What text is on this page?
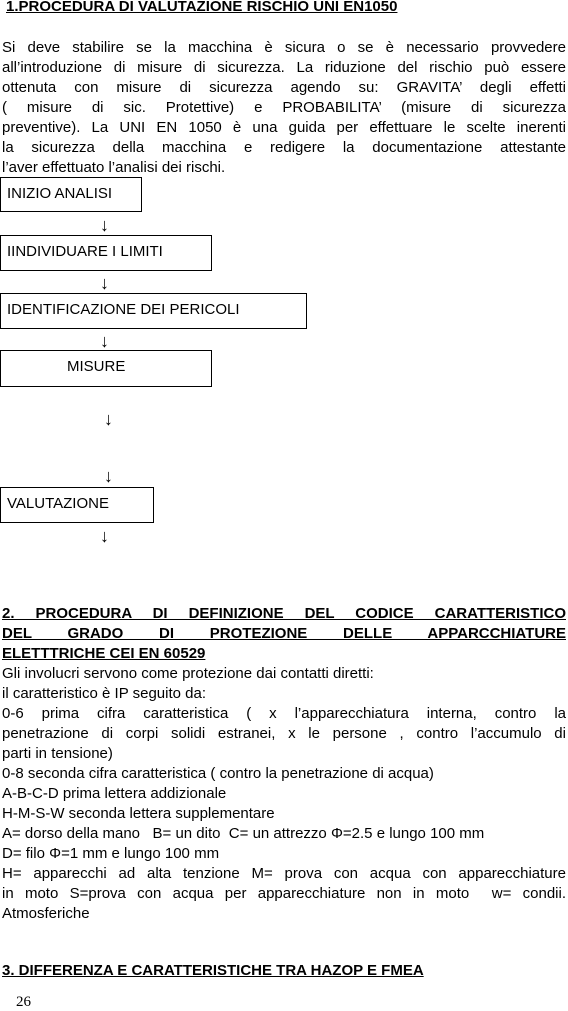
1.PROCEDURA DI VALUTAZIONE RISCHIO UNI EN1050
Si deve stabilire se la macchina è sicura o se è necessario provvedere
all’introduzione di misure di sicurezza. La riduzione del rischio può essere
ottenuta con misure di sicurezza agendo su: GRAVITA’ degli effetti
( misure di sic. Protettive) e PROBABILITA’ (misure di sicurezza
preventive). La UNI EN 1050 è una guida per effettuare le scelte inerenti
la sicurezza della macchina e redigere la documentazione attestante
l’aver effettuato l’analisi dei rischi.
INIZIO ANALISI
↓
IINDIVIDUARE I LIMITI
↓
IDENTIFICAZIONE DEI PERICOLI
↓
MISURE
↓
↓
VALUTAZIONE
↓
2. PROCEDURA DI DEFINIZIONE DEL CODICE CARATTERISTICO
DEL GRADO DI PROTEZIONE DELLE APPARCCHIATURE
ELETTTRICHE CEI EN 60529
Gli involucri servono come protezione dai contatti diretti:
il caratteristico è IP seguito da:
0-6 prima cifra caratteristica ( x l’apparecchiatura interna, contro la
penetrazione di corpi solidi estranei, x le persone , contro l’accumulo di
parti in tensione)
0-8 seconda cifra caratteristica ( contro la penetrazione di acqua)
A-B-C-D prima lettera addizionale
H-M-S-W seconda lettera supplementare
A= dorso della mano   B= un dito  C= un attrezzo Φ=2.5 e lungo 100 mm
D= filo Φ=1 mm e lungo 100 mm
H= apparecchi ad alta tenzione M= prova con acqua con apparecchiature
in moto S=prova con acqua per apparecchiature non in moto  w= condii.
Atmosferiche
3. DIFFERENZA E CARATTERISTICHE TRA HAZOP E FMEA
26
